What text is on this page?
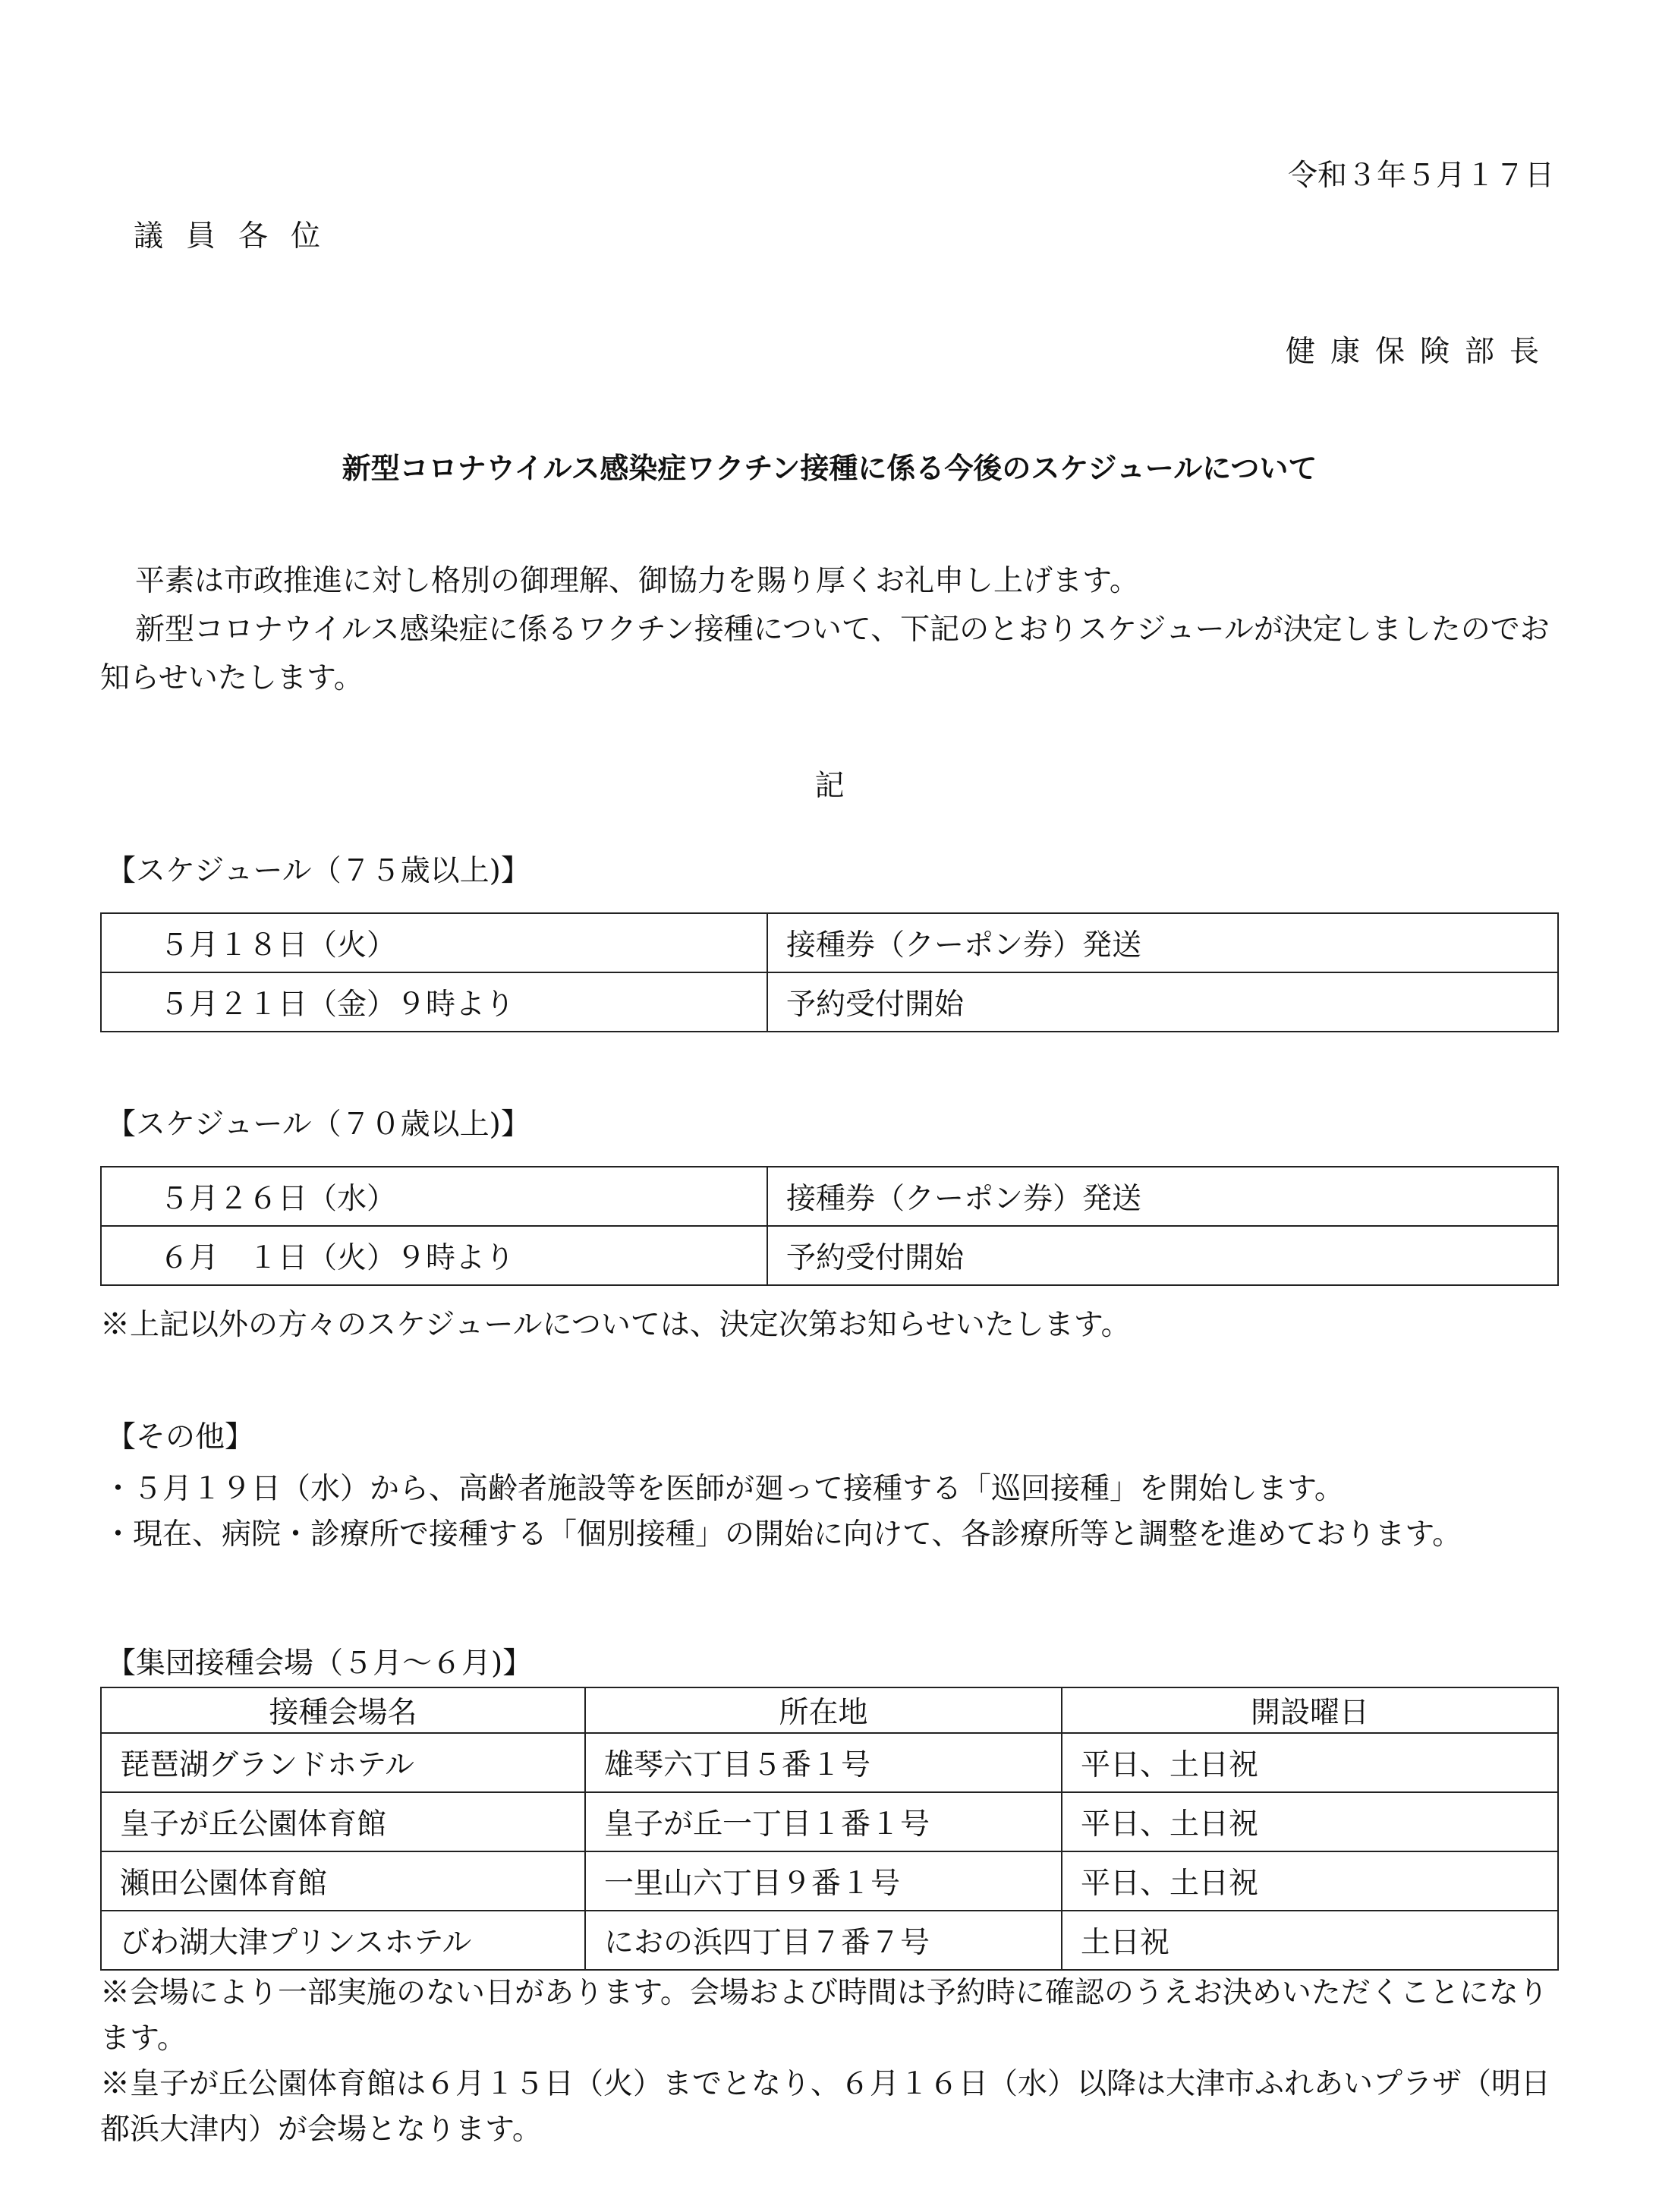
令和３年５月１７日
議員各位
健康保険部長
新型コロナウイルス感染症ワクチン接種に係る今後のスケジュールについて
平素は市政推進に対し格別の御理解、御協力を賜り厚くお礼申し上げます。
新型コロナウイルス感染症に係るワクチン接種について、下記のとおりスケジュールが決定しましたのでお知らせいたします。
記
【スケジュール（７５歳以上)】
５月１８日（火）	接種券（クーポン券）発送
５月２１日（金）９時より	予約受付開始
【スケジュール（７０歳以上)】
５月２６日（水）	接種券（クーポン券）発送
６月　１日（火）９時より	予約受付開始
※上記以外の方々のスケジュールについては、決定次第お知らせいたします。
【その他】
・５月１９日（水）から、高齢者施設等を医師が廻って接種する「巡回接種」を開始します。
・現在、病院・診療所で接種する「個別接種」の開始に向けて、各診療所等と調整を進めております。
【集団接種会場（５月～６月)】
接種会場名	所在地	開設曜日
琵琶湖グランドホテル	雄琴六丁目５番１号	平日、土日祝
皇子が丘公園体育館	皇子が丘一丁目１番１号	平日、土日祝
瀬田公園体育館	一里山六丁目９番１号	平日、土日祝
びわ湖大津プリンスホテル	におの浜四丁目７番７号	土日祝
※会場により一部実施のない日があります。会場および時間は予約時に確認のうえお決めいただくことになります。
※皇子が丘公園体育館は６月１５日（火）までとなり、６月１６日（水）以降は大津市ふれあいプラザ（明日都浜大津内）が会場となります。
